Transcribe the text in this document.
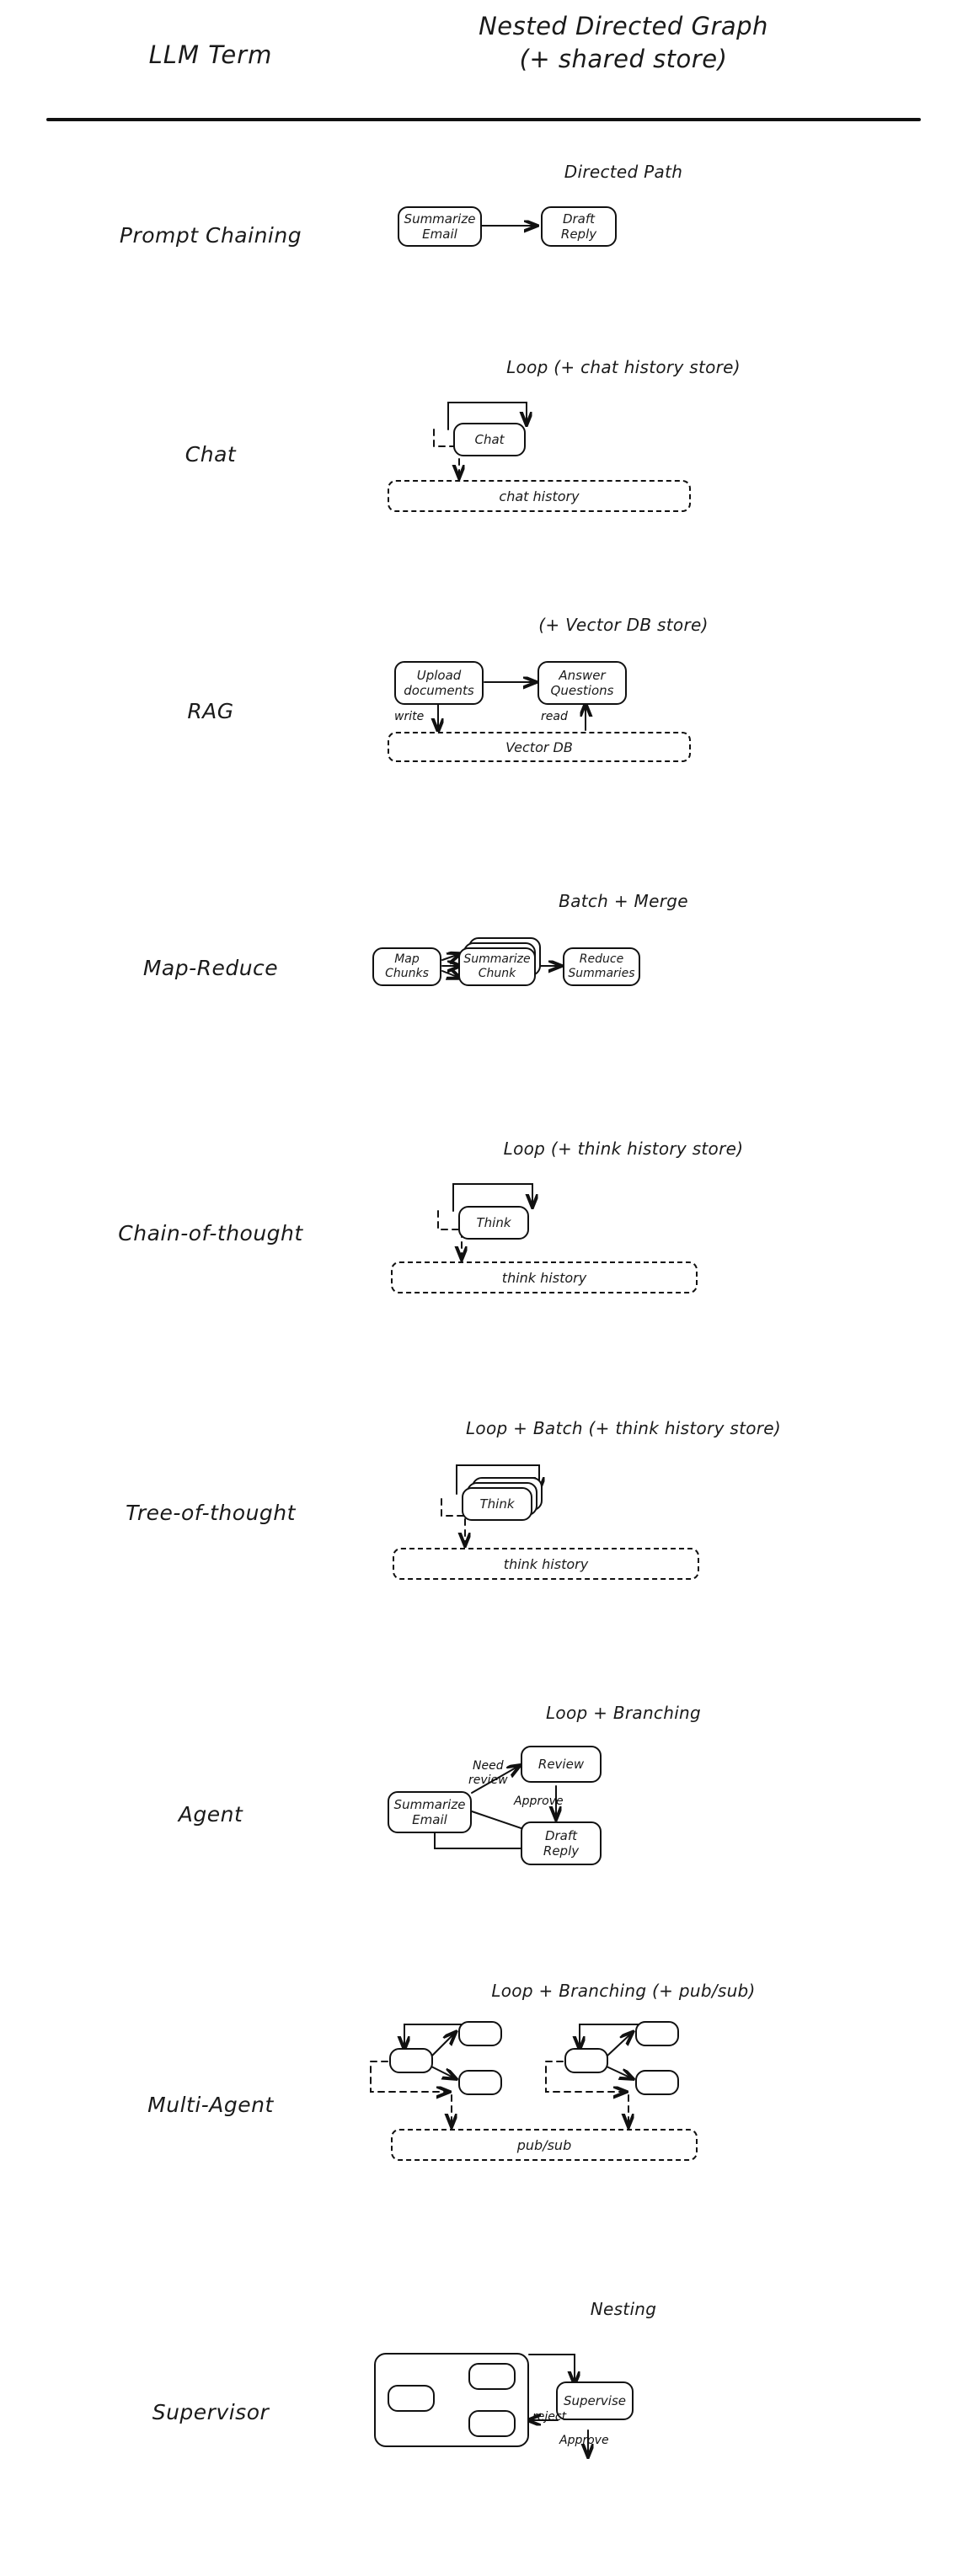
LLM Term
Nested Directed Graph
(+ shared store)
Prompt Chaining
Directed Path
Summarize
Email
Draft
Reply
Chat
Loop (+ chat history store)
Chat
chat history
RAG
(+ Vector DB store)
Upload
documents
Answer
Questions
write	read
Vector DB
Map-Reduce
Batch + Merge
Map
Chunks
Summarize
Chunk
Reduce
Summaries
Chain-of-thought
Loop (+ think history store)
Think
think history
Tree-of-thought
Loop + Batch (+ think history store)
Think
think history
Agent
Loop + Branching
Summarize
Email
Review
Draft
Reply
Need
review
Approve
Multi-Agent
Loop + Branching (+ pub/sub)
pub/sub
Supervisor
Nesting
Supervise
reject
Approve
